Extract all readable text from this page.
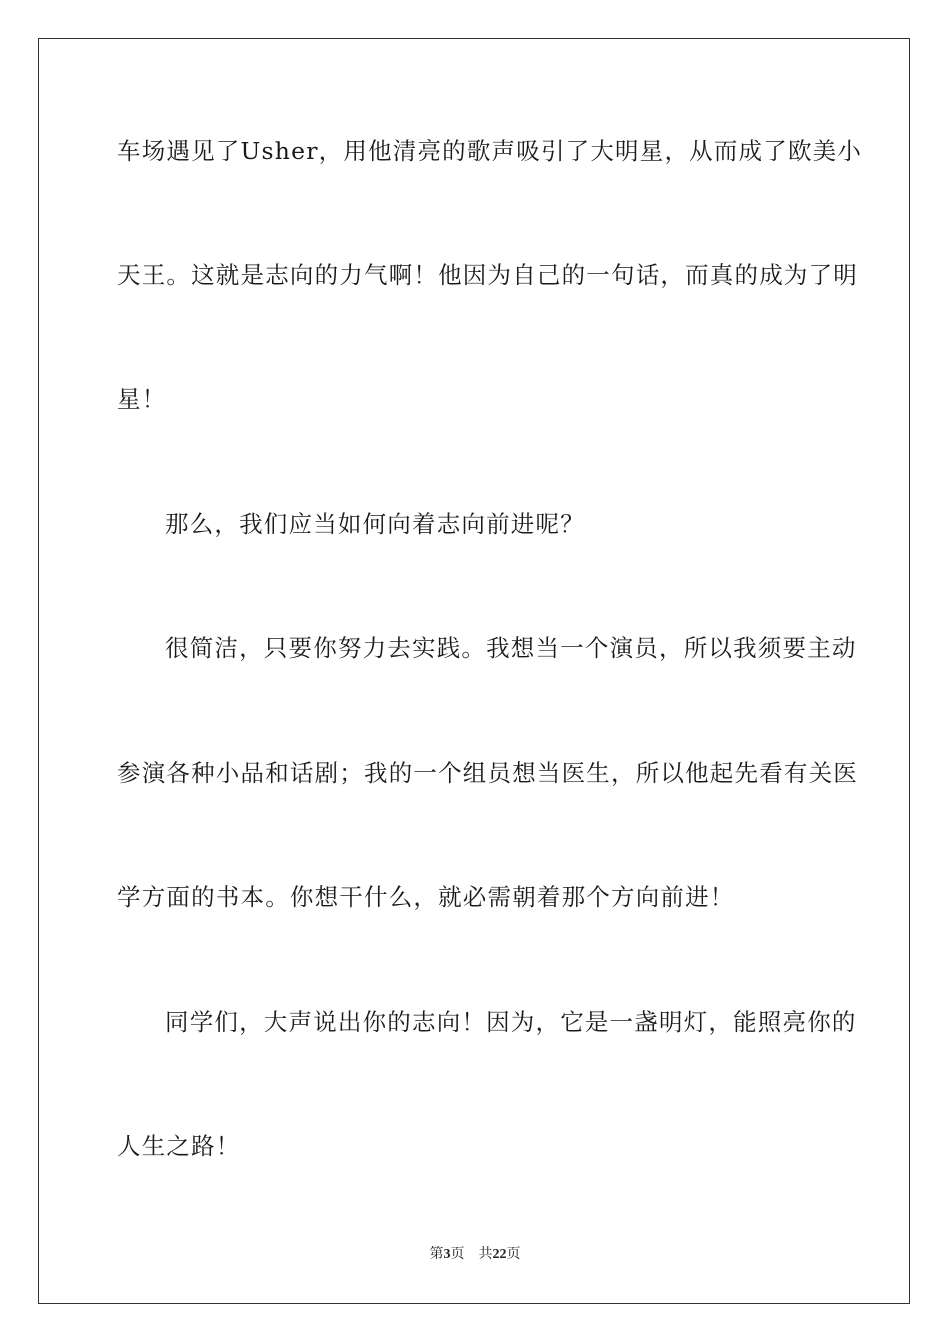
车场遇见了Usher，用他清亮的歌声吸引了大明星，从而成了欧美小
天王。这就是志向的力气啊！他因为自己的一句话，而真的成为了明
星！
那么，我们应当如何向着志向前进呢？
很简洁，只要你努力去实践。我想当一个演员，所以我须要主动
参演各种小品和话剧；我的一个组员想当医生，所以他起先看有关医
学方面的书本。你想干什么，就必需朝着那个方向前进！
同学们，大声说出你的志向！因为，它是一盏明灯，能照亮你的
人生之路！
第3页 共22页
